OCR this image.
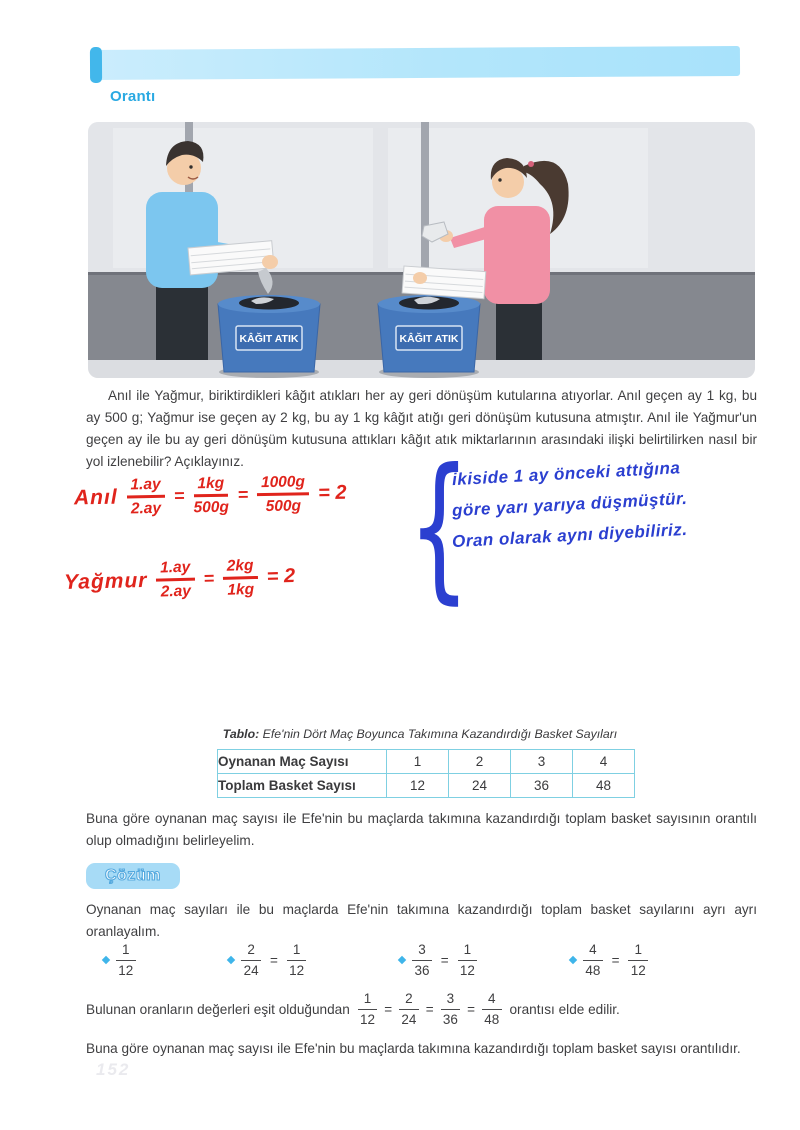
Orantı
KÂĞIT ATIK	KÂĞIT ATIK
Anıl ile Yağmur, biriktirdikleri kâğıt atıkları her ay geri dönüşüm kutularına atıyorlar. Anıl geçen ay 1 kg, bu ay 500 g; Yağmur ise geçen ay 2 kg, bu ay 1 kg kâğıt atığı geri dönüşüm kutusuna atmıştır. Anıl ile Yağmur'un geçen ay ile bu ay geri dönüşüm kutusuna attıkları kâğıt atık miktarlarının arasındaki ilişki belirtilirken nasıl bir yol izlenebilir? Açıklayınız.
Anıl $\frac{1.ay}{2.ay} = \frac{1kg}{500g} = \frac{1000g}{500g} = 2$
Yağmur $\frac{1.ay}{2.ay} = \frac{2kg}{1kg} = 2$ {
ikiside 1 ay önceki attığına
göre yarı yarıya düşmüştür.
Oran olarak aynı diyebiliriz.
Tablo: Efe'nin Dört Maç Boyunca Takımına Kazandırdığı Basket Sayıları
Oynanan Maç Sayısı	1	2	3	4
Toplam Basket Sayısı	12	24	36	48
Buna göre oynanan maç sayısı ile Efe'nin bu maçlarda takımına kazandırdığı toplam basket sayısının orantılı olup olmadığını belirleyelim.
Çözüm
Oynanan maç sayıları ile bu maçlarda Efe'nin takımına kazandırdığı toplam basket sayılarını ayrı ayrı oranlayalım.
$\frac{1}{12}$	$\frac{2}{24} = \frac{1}{12}$	$\frac{3}{36} = \frac{1}{12}$	$\frac{4}{48} = \frac{1}{12}$
Bulunan oranların değerleri eşit olduğundan $\frac{1}{12} = \frac{2}{24} = \frac{3}{36} = \frac{4}{48}$ orantısı elde edilir.
Buna göre oynanan maç sayısı ile Efe'nin bu maçlarda takımına kazandırdığı toplam basket sayısı orantılıdır.
152
